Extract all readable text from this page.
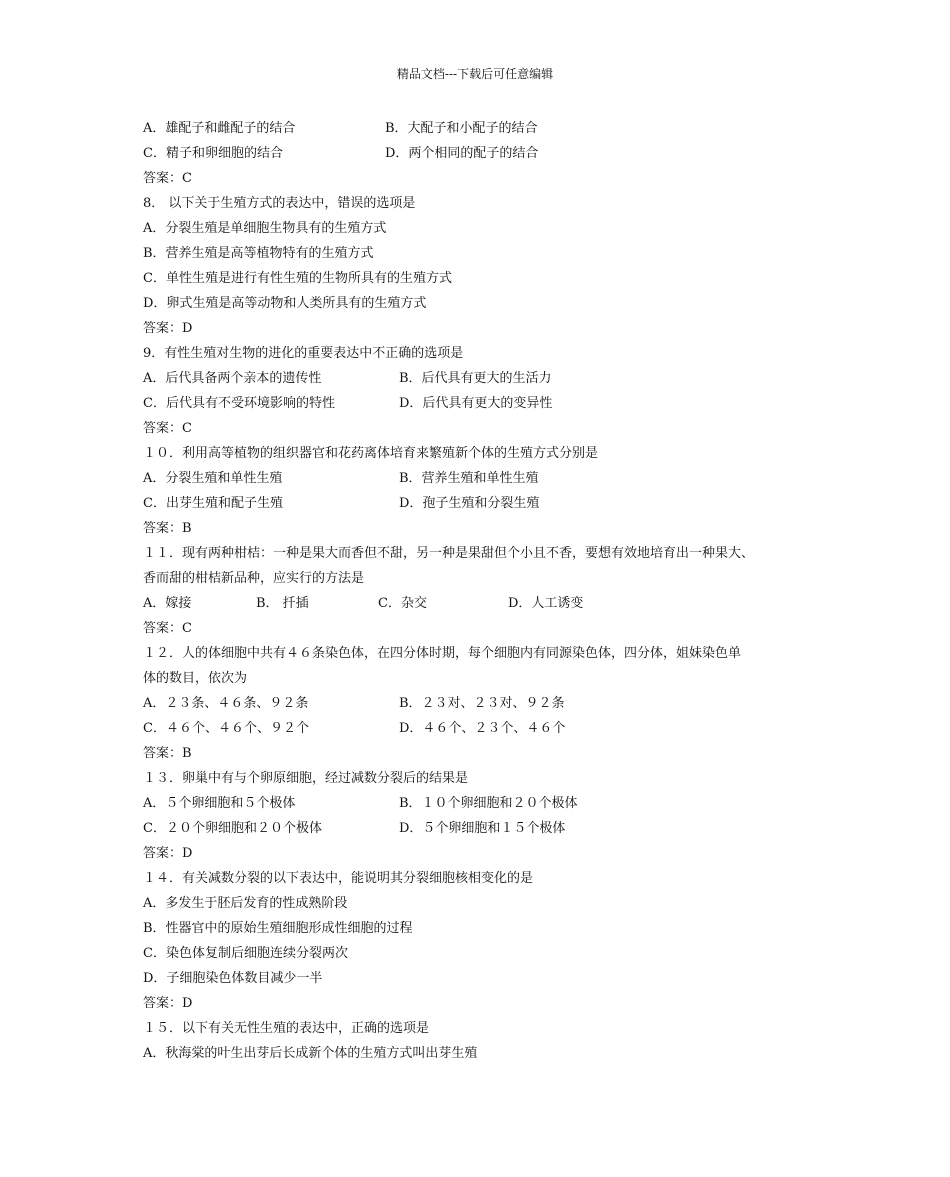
精品文档---下载后可任意编辑
A．雄配子和雌配子的结合	B．大配子和小配子的结合
C．精子和卵细胞的结合	D．两个相同的配子的结合
答案：C
8． 以下关于生殖方式的表达中，错误的选项是
A．分裂生殖是单细胞生物具有的生殖方式
B．营养生殖是高等植物特有的生殖方式
C．单性生殖是进行有性生殖的生物所具有的生殖方式
D．卵式生殖是高等动物和人类所具有的生殖方式
答案：D
9．有性生殖对生物的进化的重要表达中不正确的选项是
A．后代具备两个亲本的遗传性	B．后代具有更大的生活力
C．后代具有不受环境影响的特性	D．后代具有更大的变异性
答案：C
１０．利用高等植物的组织器官和花药离体培育来繁殖新个体的生殖方式分别是
A．分裂生殖和单性生殖	B．营养生殖和单性生殖
C．出芽生殖和配子生殖	D．孢子生殖和分裂生殖
答案：B
１１．现有两种柑桔：一种是果大而香但不甜，另一种是果甜但个小且不香，要想有效地培育出一种果大、
香而甜的柑桔新品种，应实行的方法是
A．嫁接	B． 扦插	C．杂交	D．人工诱变
答案：C
１２．人的体细胞中共有４６条染色体，在四分体时期，每个细胞内有同源染色体，四分体，姐妹染色单
体的数目，依次为
A．２３条、４６条、９２条	B．２３对、２３对、９２条
C．４６个、４６个、９２个	D．４６个、２３个、４６个
答案：B
１３．卵巢中有与个卵原细胞，经过减数分裂后的结果是
A．５个卵细胞和５个极体	B．１０个卵细胞和２０个极体
C．２０个卵细胞和２０个极体	D．５个卵细胞和１５个极体
答案：D
１４．有关减数分裂的以下表达中，能说明其分裂细胞核相变化的是
A．多发生于胚后发育的性成熟阶段
B．性器官中的原始生殖细胞形成性细胞的过程
C．染色体复制后细胞连续分裂两次
D．子细胞染色体数目减少一半
答案：D
１５．以下有关无性生殖的表达中，正确的选项是
A．秋海棠的叶生出芽后长成新个体的生殖方式叫出芽生殖
